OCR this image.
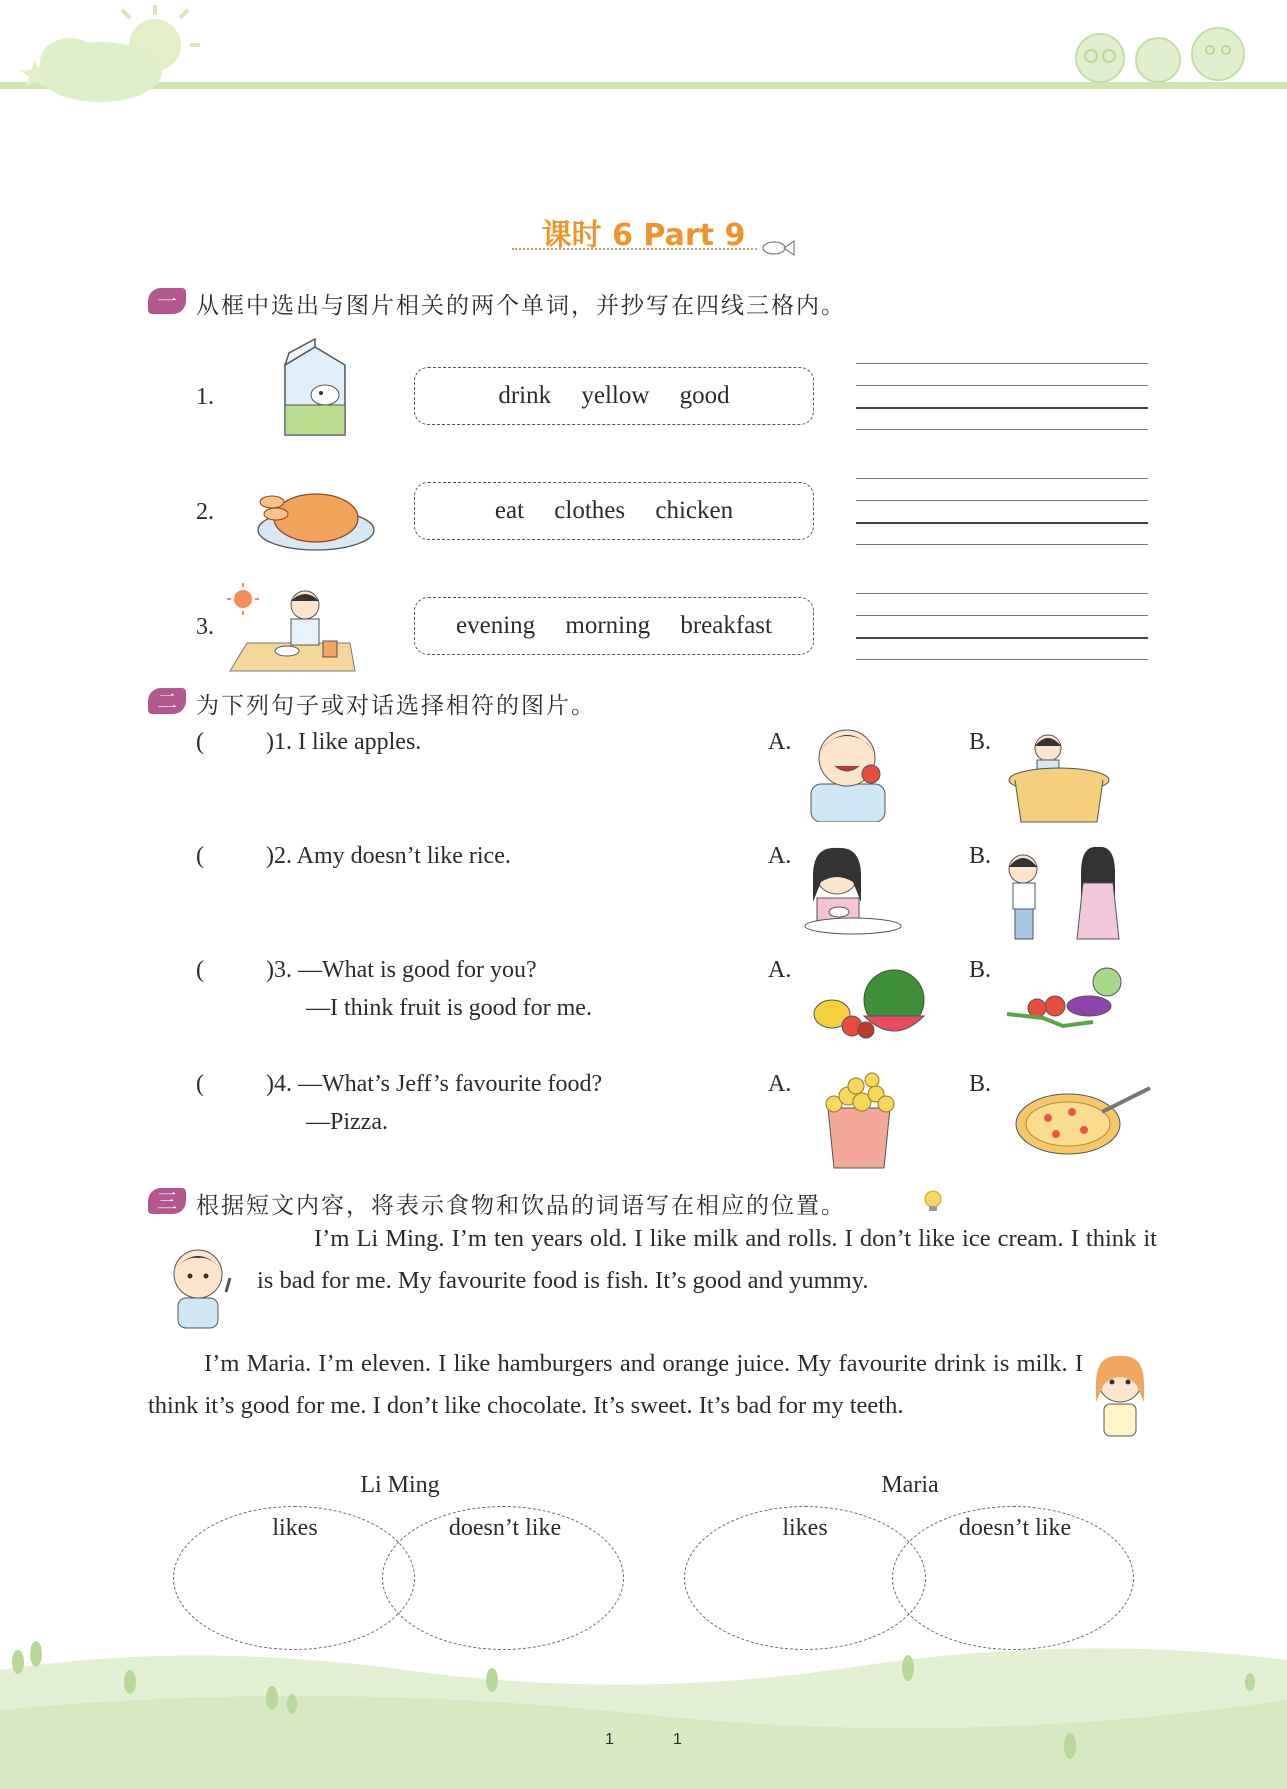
课时 6 Part 9
一 从框中选出与图片相关的两个单词，并抄写在四线三格内。
1.	drink yellow good
2.	eat clothes chicken
3.	evening morning breakfast
二 为下列句子或对话选择相符的图片。
(	)1. I like apples.	A.	B.
(	)2. Amy doesn’t like rice.	A.	B.
(	)3. —What is good for you?
—I think fruit is good for me.
A.	B.
(	)4. —What’s Jeff’s favourite food?
—Pizza.
A.	B.
三 根据短文内容，将表示食物和饮品的词语写在相应的位置。
I’m Li Ming. I’m ten years old. I like milk and rolls. I don’t like ice cream. I think it is bad for me. My favourite food is fish. It’s good and yummy.
I’m Maria. I’m eleven. I like hamburgers and orange juice. My favourite drink is milk. I think it’s good for me. I don’t like chocolate. It’s sweet. It’s bad for my teeth.
Li Ming
likes	doesn’t like
Maria
likes	doesn’t like
1	1
